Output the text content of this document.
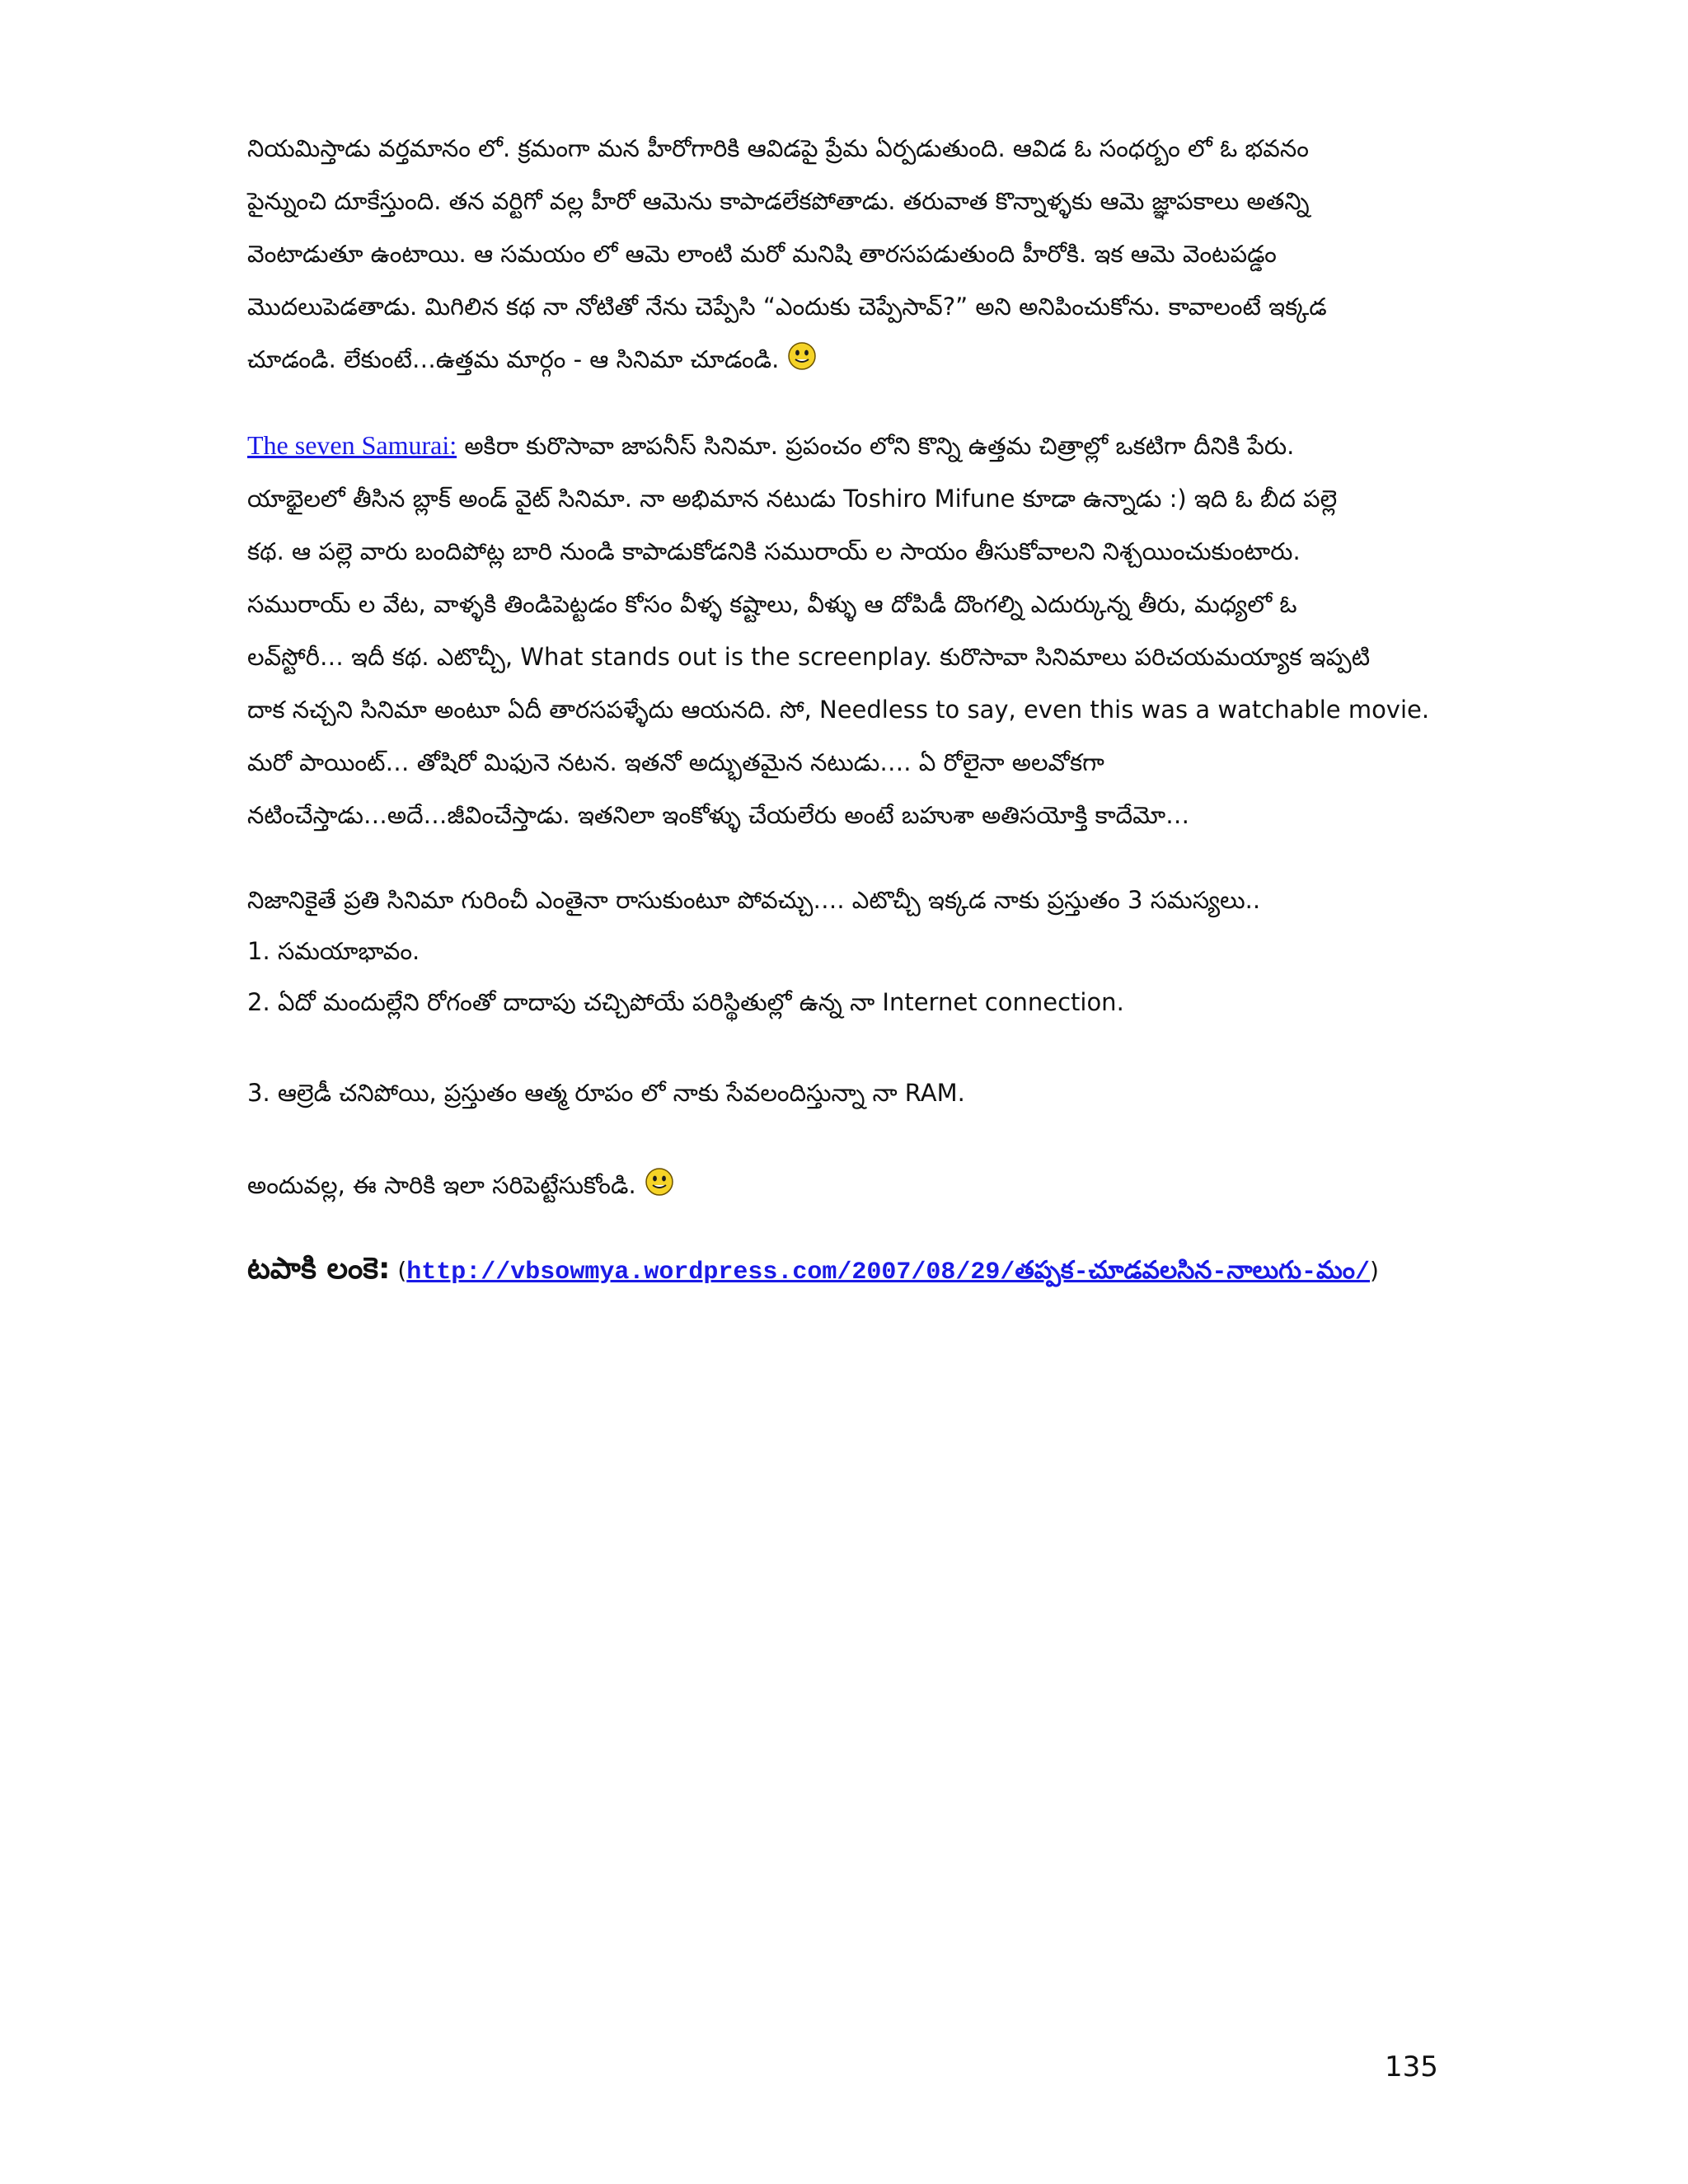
నియమిస్తాడు వర్తమానం లో. క్రమంగా మన హీరోగారికి ఆవిడపై ప్రేమ ఏర్పడుతుంది. ఆవిడ ఓ సంధర్బం లో ఓ భవనం
పైన్నుంచి దూకేస్తుంది. తన వర్టిగో వల్ల హీరో ఆమెను కాపాడలేకపోతాడు. తరువాత కొన్నాళ్ళకు ఆమె జ్ఞాపకాలు అతన్ని
వెంటాడుతూ ఉంటాయి. ఆ సమయం లో ఆమె లాంటి మరో మనిషి తారసపడుతుంది హీరోకి. ఇక ఆమె వెంటపడ్డం
మొదలుపెడతాడు. మిగిలిన కథ నా నోటితో నేను చెప్పేసి “ఎందుకు చెప్పేసావ్?” అని అనిపించుకోను. కావాలంటే ఇక్కడ
చూడండి. లేకుంటే…ఉత్తమ మార్గం - ఆ సినిమా చూడండి.

The seven Samurai: అకిరా కురొసావా జాపనీస్ సినిమా. ప్రపంచం లోని కొన్ని ఉత్తమ చిత్రాల్లో ఒకటిగా దీనికి పేరు.
యాభైలలో తీసిన బ్లాక్ అండ్ వైట్ సినిమా. నా అభిమాన నటుడు Toshiro Mifune కూడా ఉన్నాడు :) ఇది ఓ బీద పల్లె
కథ. ఆ పల్లె వారు బందిపోట్ల బారి నుండి కాపాడుకోడనికి సమురాయ్ ల సాయం తీసుకోవాలని నిశ్చయించుకుంటారు.
సమురాయ్ ల వేట, వాళ్ళకి తిండిపెట్టడం కోసం వీళ్ళ కష్టాలు, వీళ్ళు ఆ దోపిడీ దొంగల్ని ఎదుర్కున్న తీరు, మధ్యలో ఓ
లవ్‌స్టోరీ… ఇదీ కథ. ఎటొచ్చీ, What stands out is the screenplay. కురొసావా సినిమాలు పరిచయమయ్యాక ఇప్పటి
దాక నచ్చని సినిమా అంటూ ఏదీ తారసపళ్ళేదు ఆయనది. సో, Needless to say, even this was a watchable movie.
మరో పాయింట్… తోషిరో మిఫునె నటన. ఇతనో అద్భుతమైన నటుడు…. ఏ రోలైనా అలవోకగా
నటించేస్తాడు…అదే…జీవించేస్తాడు. ఇతనిలా ఇంకోళ్ళు చేయలేరు అంటే బహుశా అతిసయోక్తి కాదేమో…

నిజానికైతే ప్రతి సినిమా గురించీ ఎంతైనా రాసుకుంటూ పోవచ్చు…. ఎటొచ్చీ ఇక్కడ నాకు ప్రస్తుతం 3 సమస్యలు..
1. సమయాభావం.
2. ఏదో మందుల్లేని రోగంతో దాదాపు చచ్చిపోయే పరిస్థితుల్లో ఉన్న నా Internet connection.
3. ఆల్రెడీ చనిపోయి, ప్రస్తుతం ఆత్మ రూపం లో నాకు సేవలందిస్తున్నా నా RAM.
అందువల్ల, ఈ సారికి ఇలా సరిపెట్టేసుకోండి.
టపాకి లంకె: (http://vbsowmya.wordpress.com/2007/08/29/తప్పక-చూడవలసిన-నాలుగు-మం/)
135
